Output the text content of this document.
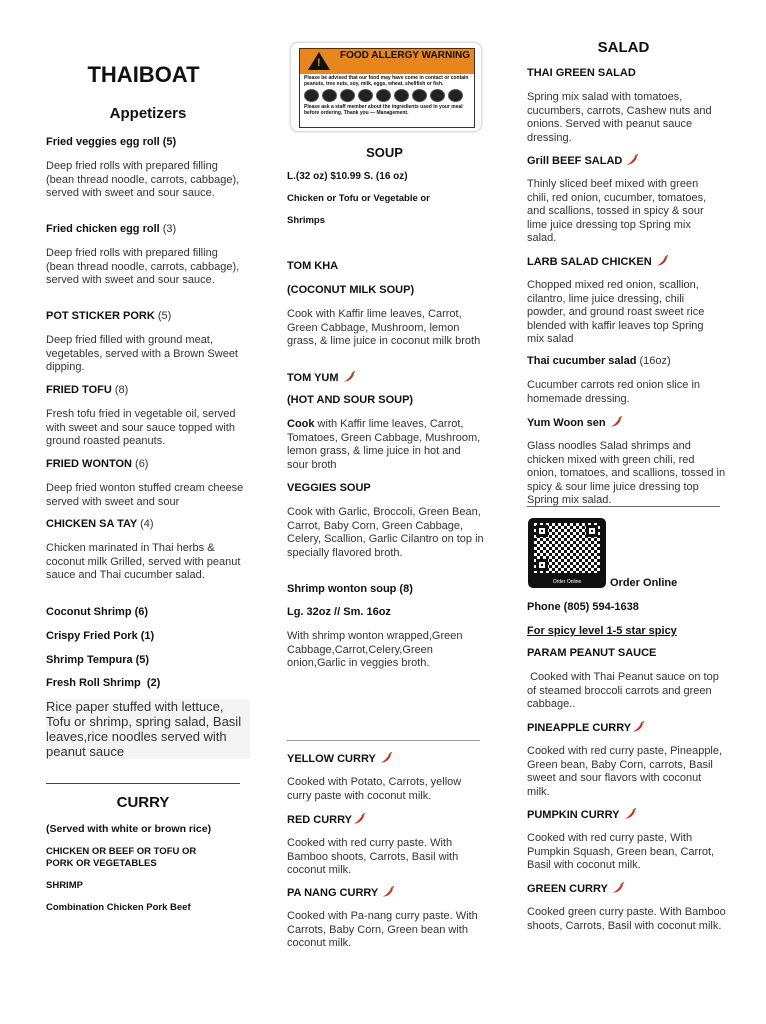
THAIBOAT
Appetizers
Fried veggies egg roll (5)
Deep fried rolls with prepared filling (bean thread noodle, carrots, cabbage), served with sweet and sour sauce.
Fried chicken egg roll (3)
Deep fried rolls with prepared filling (bean thread noodle, carrots, cabbage), served with sweet and sour sauce.
POT STICKER PORK (5)
Deep fried filled with ground meat, vegetables, served with a Brown Sweet dipping.
FRIED TOFU (8)
Fresh tofu fried in vegetable oil, served with sweet and sour sauce topped with ground roasted peanuts.
FRIED WONTON (6)
Deep fried wonton stuffed cream cheese served with sweet and sour
CHICKEN SA TAY (4)
Chicken marinated in Thai herbs & coconut milk Grilled, served with peanut sauce and Thai cucumber salad.
Coconut Shrimp (6)
Crispy Fried Pork (1)
Shrimp Tempura (5)
Fresh Roll Shrimp  (2)
Rice paper stuffed with lettuce, Tofu or shrimp, spring salad, Basil leaves,rice noodles served with peanut sauce
CURRY
(Served with white or brown rice)
CHICKEN OR BEEF OR TOFU OR PORK OR VEGETABLES
SHRIMP
Combination Chicken Pork Beef
!
FOOD ALLERGY WARNING
Please be advised that our food may have come in contact or contain peanuts, tree nuts, soy, milk, eggs, wheat, shellfish or fish.
Please ask a staff member about the ingredients used in your meal before ordering. Thank you — Management.
SOUP
L.(32 oz) $10.99 S. (16 oz)
Chicken or Tofu or Vegetable or
Shrimps
TOM KHA
(COCONUT MILK SOUP)
Cook with Kaffir lime leaves, Carrot, Green Cabbage, Mushroom, lemon grass, & lime juice in coconut milk broth
TOM YUM
(HOT AND SOUR SOUP)
Cook with Kaffir lime leaves, Carrot, Tomatoes, Green Cabbage, Mushroom, lemon grass, & lime juice in hot and sour broth
VEGGIES SOUP
Cook with Garlic, Broccoli, Green Bean, Carrot, Baby Corn, Green Cabbage, Celery, Scallion, Garlic Cilantro on top in specially flavored broth.
Shrimp wonton soup (8)
Lg. 32oz // Sm. 16oz
With shrimp wonton wrapped,Green Cabbage,Carrot,Celery,Green onion,Garlic in veggies broth.
YELLOW CURRY
Cooked with Potato, Carrots, yellow curry paste with coconut milk.
RED CURRY
Cooked with red curry paste. With Bamboo shoots, Carrots, Basil with coconut milk.
PA NANG CURRY
Cooked with Pa-nang curry paste. With Carrots, Baby Corn, Green bean with coconut milk.
SALAD
THAI GREEN SALAD
Spring mix salad with tomatoes, cucumbers, carrots, Cashew nuts and onions. Served with peanut sauce dressing.
Grill BEEF SALAD
Thinly sliced beef mixed with green chili, red onion, cucumber, tomatoes, and scallions, tossed in spicy & sour lime juice dressing top Spring mix salad.
LARB SALAD CHICKEN
Chopped mixed red onion, scallion, cilantro, lime juice dressing, chili powder, and ground roast sweet rice blended with kaffir leaves top Spring mix salad
Thai cucumber salad (16oz)
Cucumber carrots red onion slice in homemade dressing.
Yum Woon sen
Glass noodles Salad shrimps and chicken mixed with green chili, red onion, tomatoes, and scallions, tossed in spicy & sour lime juice dressing top Spring mix salad.
Order Online	Order Online
Phone (805) 594-1638
For spicy level 1-5 star spicy
PARAM PEANUT SAUCE
Cooked with Thai Peanut sauce on top of steamed broccoli carrots and green cabbage..
PINEAPPLE CURRY
Cooked with red curry paste, Pineapple, Green bean, Baby Corn, carrots, Basil sweet and sour flavors with coconut milk.
PUMPKIN CURRY
Cooked with red curry paste, With Pumpkin Squash, Green bean, Carrot, Basil with coconut milk.
GREEN CURRY
Cooked green curry paste. With Bamboo shoots, Carrots, Basil with coconut milk.
